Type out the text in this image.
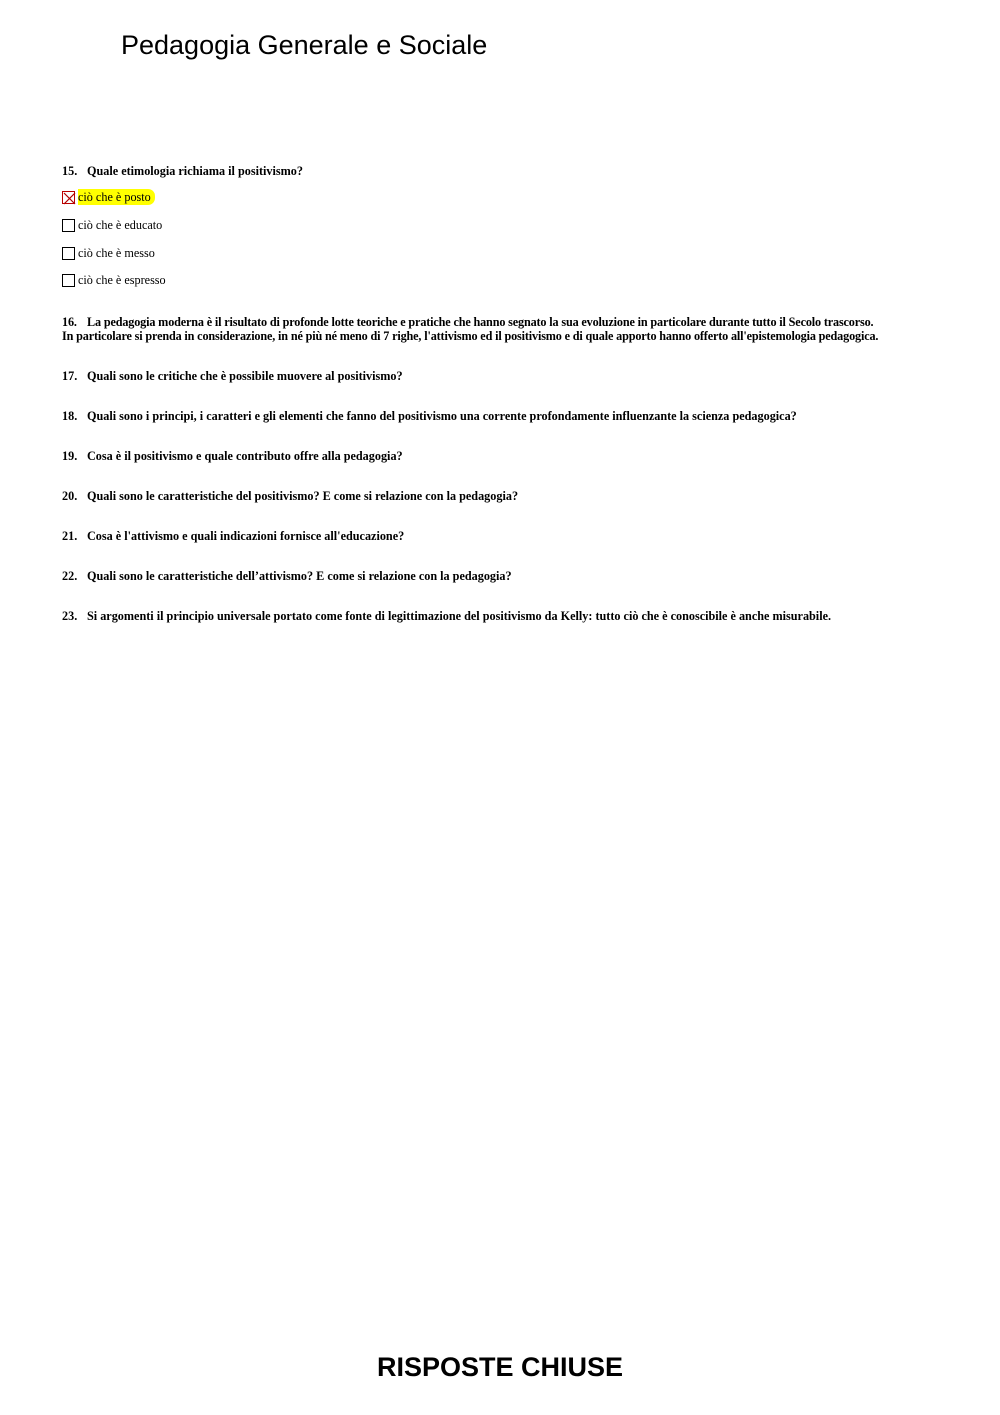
Pedagogia Generale e Sociale
15. Quale etimologia richiama il positivismo?
ciò che è posto
ciò che è educato
ciò che è messo
ciò che è espresso
16. La pedagogia moderna è il risultato di profonde lotte teoriche e pratiche che hanno segnato la sua evoluzione in particolare durante tutto il Secolo trascorso.
In particolare si prenda in considerazione, in né più né meno di 7 righe, l'attivismo ed il positivismo e di quale apporto hanno offerto all'epistemologia pedagogica.
17. Quali sono le critiche che è possibile muovere al positivismo?
18. Quali sono i principi, i caratteri e gli elementi che fanno del positivismo una corrente profondamente influenzante la scienza pedagogica?
19. Cosa è il positivismo e quale contributo offre alla pedagogia?
20. Quali sono le caratteristiche del positivismo? E come si relazione con la pedagogia?
21. Cosa è l'attivismo e quali indicazioni fornisce all'educazione?
22. Quali sono le caratteristiche dell’attivismo? E come si relazione con la pedagogia?
23. Si argomenti il principio universale portato come fonte di legittimazione del positivismo da Kelly: tutto ciò che è conoscibile è anche misurabile.
RISPOSTE CHIUSE
